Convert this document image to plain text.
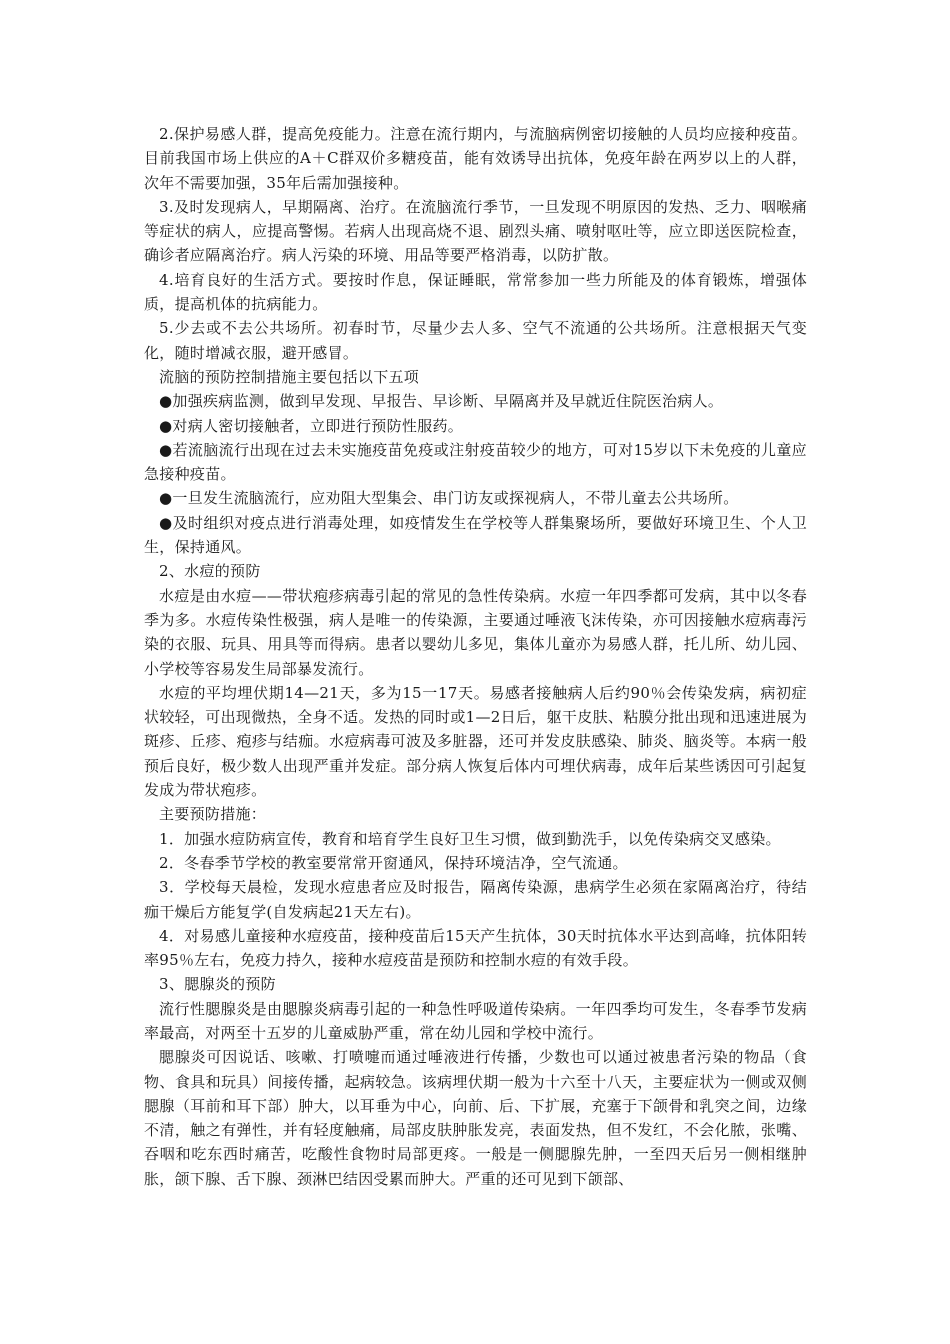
2.保护易感人群，提高免疫能力。注意在流行期内，与流脑病例密切接触的人员均应接种疫苗。目前我国市场上供应的A＋C群双价多糖疫苗，能有效诱导出抗体，免疫年龄在两岁以上的人群，次年不需要加强，35年后需加强接种。

3.及时发现病人，早期隔离、治疗。在流脑流行季节，一旦发现不明原因的发热、乏力、咽喉痛等症状的病人，应提高警惕。若病人出现高烧不退、剧烈头痛、喷射呕吐等，应立即送医院检查，确诊者应隔离治疗。病人污染的环境、用品等要严格消毒，以防扩散。

4.培育良好的生活方式。要按时作息，保证睡眠，常常参加一些力所能及的体育锻炼，增强体质，提高机体的抗病能力。

5.少去或不去公共场所。初春时节，尽量少去人多、空气不流通的公共场所。注意根据天气变化，随时增减衣服，避开感冒。

流脑的预防控制措施主要包括以下五项

●加强疾病监测，做到早发现、早报告、早诊断、早隔离并及早就近住院医治病人。

●对病人密切接触者，立即进行预防性服药。

●若流脑流行出现在过去未实施疫苗免疫或注射疫苗较少的地方，可对15岁以下未免疫的儿童应急接种疫苗。

●一旦发生流脑流行，应劝阻大型集会、串门访友或探视病人，不带儿童去公共场所。

●及时组织对疫点进行消毒处理，如疫情发生在学校等人群集聚场所，要做好环境卫生、个人卫生，保持通风。

2、水痘的预防

水痘是由水痘——带状疱疹病毒引起的常见的急性传染病。水痘一年四季都可发病，其中以冬春季为多。水痘传染性极强，病人是唯一的传染源，主要通过唾液飞沫传染，亦可因接触水痘病毒污染的衣服、玩具、用具等而得病。患者以婴幼儿多见，集体儿童亦为易感人群，托儿所、幼儿园、小学校等容易发生局部暴发流行。

水痘的平均埋伏期14—21天，多为15一17天。易感者接触病人后约90％会传染发病，病初症状较轻，可出现微热，全身不适。发热的同时或1—2日后，躯干皮肤、粘膜分批出现和迅速进展为斑疹、丘疹、疱疹与结痂。水痘病毒可波及多脏器，还可并发皮肤感染、肺炎、脑炎等。本病一般预后良好，极少数人出现严重并发症。部分病人恢复后体内可埋伏病毒，成年后某些诱因可引起复发成为带状疱疹。

主要预防措施：

1．加强水痘防病宣传，教育和培育学生良好卫生习惯，做到勤洗手，以免传染病交叉感染。

2．冬春季节学校的教室要常常开窗通风，保持环境洁净，空气流通。

3．学校每天晨检，发现水痘患者应及时报告，隔离传染源，患病学生必须在家隔离治疗，待结痂干燥后方能复学(自发病起21天左右)。

4．对易感儿童接种水痘疫苗，接种疫苗后15天产生抗体，30天时抗体水平达到高峰，抗体阳转率95％左右，免疫力持久，接种水痘疫苗是预防和控制水痘的有效手段。

3、腮腺炎的预防

流行性腮腺炎是由腮腺炎病毒引起的一种急性呼吸道传染病。一年四季均可发生，冬春季节发病率最高，对两至十五岁的儿童威胁严重，常在幼儿园和学校中流行。

腮腺炎可因说话、咳嗽、打喷嚏而通过唾液进行传播，少数也可以通过被患者污染的物品（食物、食具和玩具）间接传播，起病较急。该病埋伏期一般为十六至十八天，主要症状为一侧或双侧腮腺（耳前和耳下部）肿大，以耳垂为中心，向前、后、下扩展，充塞于下颌骨和乳突之间，边缘不清，触之有弹性，并有轻度触痛，局部皮肤肿胀发亮，表面发热，但不发红，不会化脓，张嘴、吞咽和吃东西时痛苦，吃酸性食物时局部更疼。一般是一侧腮腺先肿，一至四天后另一侧相继肿胀，颌下腺、舌下腺、颈淋巴结因受累而肿大。严重的还可见到下颌部、
